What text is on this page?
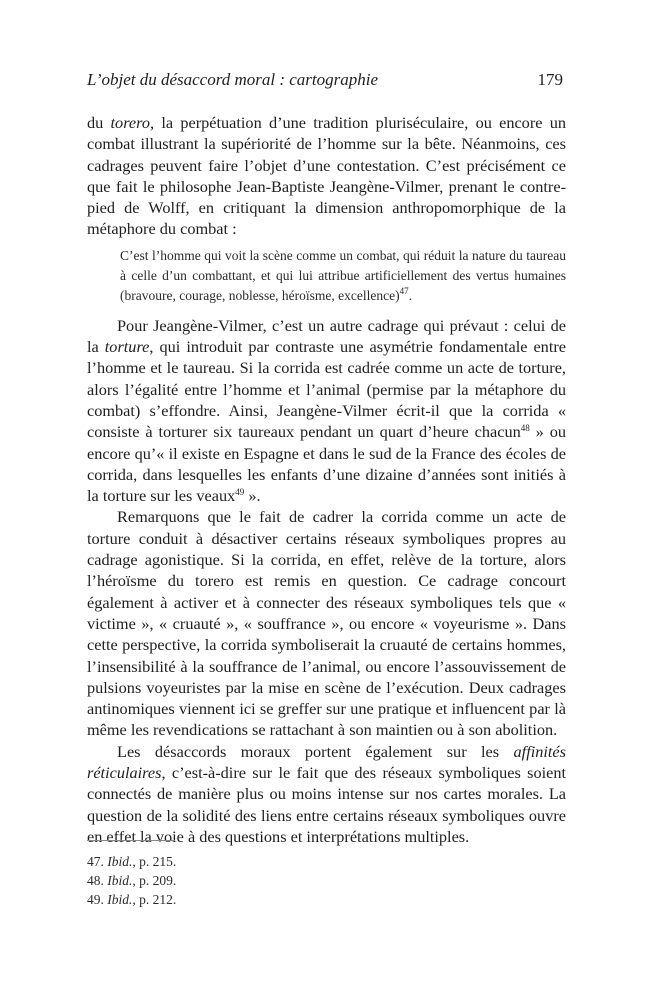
L’objet du désaccord moral : cartographie	179

du torero, la perpétuation d’une tradition pluriséculaire, ou encore un combat illustrant la supériorité de l’homme sur la bête. Néanmoins, ces cadrages peuvent faire l’objet d’une contestation. C’est précisément ce que fait le philosophe Jean-Baptiste Jeangène-Vilmer, prenant le contre-pied de Wolff, en critiquant la dimension anthropomorphique de la métaphore du combat :

C’est l’homme qui voit la scène comme un combat, qui réduit la nature du taureau à celle d’un combattant, et qui lui attribue artificiellement des vertus humaines (bravoure, courage, noblesse, héroïsme, excellence)$^{47}$.

Pour Jeangène-Vilmer, c’est un autre cadrage qui prévaut : celui de la torture, qui introduit par contraste une asymétrie fondamentale entre l’homme et le taureau. Si la corrida est cadrée comme un acte de torture, alors l’égalité entre l’homme et l’animal (permise par la métaphore du combat) s’effondre. Ainsi, Jeangène-Vilmer écrit-il que la corrida « consiste à torturer six taureaux pendant un quart d’heure chacun$^{48}$ » ou encore qu’« il existe en Espagne et dans le sud de la France des écoles de corrida, dans lesquelles les enfants d’une dizaine d’années sont initiés à la torture sur les veaux$^{49}$ ».

Remarquons que le fait de cadrer la corrida comme un acte de torture conduit à désactiver certains réseaux symboliques propres au cadrage agonistique. Si la corrida, en effet, relève de la torture, alors l’héroïsme du torero est remis en question. Ce cadrage concourt également à activer et à connecter des réseaux symboliques tels que « victime », « cruauté », « souffrance », ou encore « voyeurisme ». Dans cette perspective, la corrida symboliserait la cruauté de certains hommes, l’insensibilité à la souffrance de l’animal, ou encore l’assouvissement de pulsions voyeuristes par la mise en scène de l’exécution. Deux cadrages antinomiques viennent ici se greffer sur une pratique et influencent par là même les revendications se rattachant à son maintien ou à son abolition.

Les désaccords moraux portent également sur les affinités réticulaires, c’est-à-dire sur le fait que des réseaux symboliques soient connectés de manière plus ou moins intense sur nos cartes morales. La question de la solidité des liens entre certains réseaux symboliques ouvre en effet la voie à des questions et interprétations multiples.

47. Ibid., p. 215.
48. Ibid., p. 209.
49. Ibid., p. 212.
